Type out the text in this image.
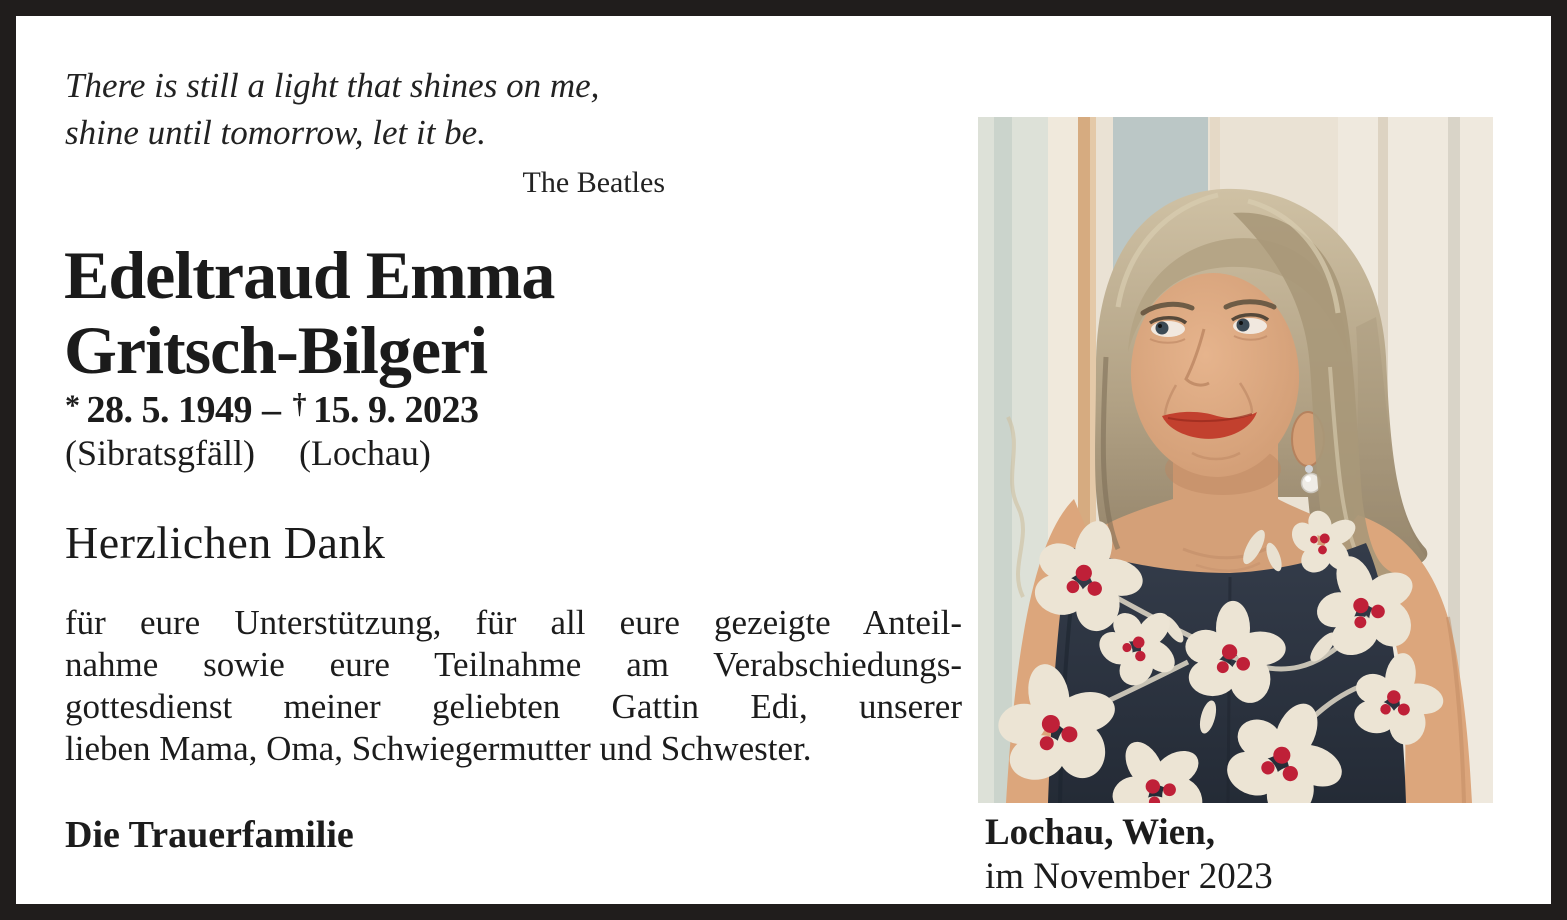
There is still a light that shines on me,
shine until tomorrow, let it be.
The Beatles
Edeltraud Emma
Gritsch-Bilgeri
* 28. 5. 1949 – † 15. 9. 2023
(Sibratsgfäll) (Lochau)
Herzlichen Dank
für eure Unterstützung, für all eure gezeigte Anteil-
nahme sowie eure Teilnahme am Verabschiedungs-
gottesdienst meiner geliebten Gattin Edi, unserer
lieben Mama, Oma, Schwiegermutter und Schwester.
Die Trauerfamilie	Lochau, Wien,
im November 2023
